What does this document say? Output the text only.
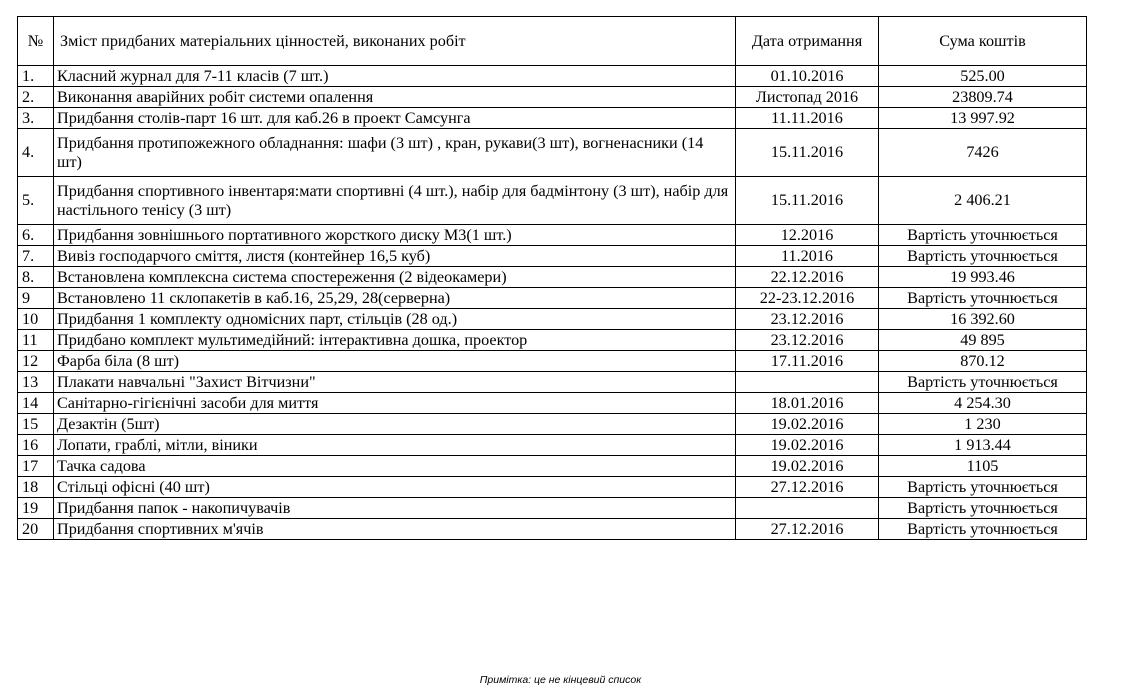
№	Зміст придбаних матеріальних цінностей, виконаних робіт	Дата отримання	Сума коштів
1.	Класний журнал для 7-11 класів (7 шт.)	01.10.2016	525.00
2.	Виконання аварійних робіт системи опалення	Листопад 2016	23809.74
3.	Придбання столів-парт 16 шт. для каб.26 в проект Самсунга	11.11.2016	13 997.92
4.	Придбання протипожежного обладнання: шафи (3 шт) , кран, рукави(3 шт), вогненасники (14 шт)	15.11.2016	7426
5.	Придбання спортивного інвентаря:мати спортивні (4 шт.), набір для бадмінтону (3 шт), набір для настільного тенісу (3 шт)	15.11.2016	2 406.21
6.	Придбання зовнішнього портативного жорсткого диску M3(1 шт.)	12.2016	Вартість уточнюється
7.	Вивіз господарчого сміття, листя (контейнер 16,5 куб)	11.2016	Вартість уточнюється
8.	Встановлена комплексна система спостереження (2 відеокамери)	22.12.2016	19 993.46
9	Встановлено 11 склопакетів в каб.16, 25,29, 28(серверна)	22-23.12.2016	Вартість уточнюється
10	Придбання 1 комплекту одномісних парт, стільців (28 од.)	23.12.2016	16 392.60
11	Придбано комплект мультимедійний: інтерактивна дошка, проектор	23.12.2016	49 895
12	Фарба біла (8 шт)	17.11.2016	870.12
13	Плакати навчальні "Захист Вітчизни"		Вартість уточнюється
14	Санітарно-гігієнічні засоби для миття	18.01.2016	4 254.30
15	Дезактін (5шт)	19.02.2016	1 230
16	Лопати, граблі, мітли, віники	19.02.2016	1 913.44
17	Тачка садова	19.02.2016	1105
18	Стільці офісні (40 шт)	27.12.2016	Вартість уточнюється
19	Придбання папок - накопичувачів		Вартість уточнюється
20	Придбання спортивних м'ячів	27.12.2016	Вартість уточнюється
Примітка: це не кінцевий список
